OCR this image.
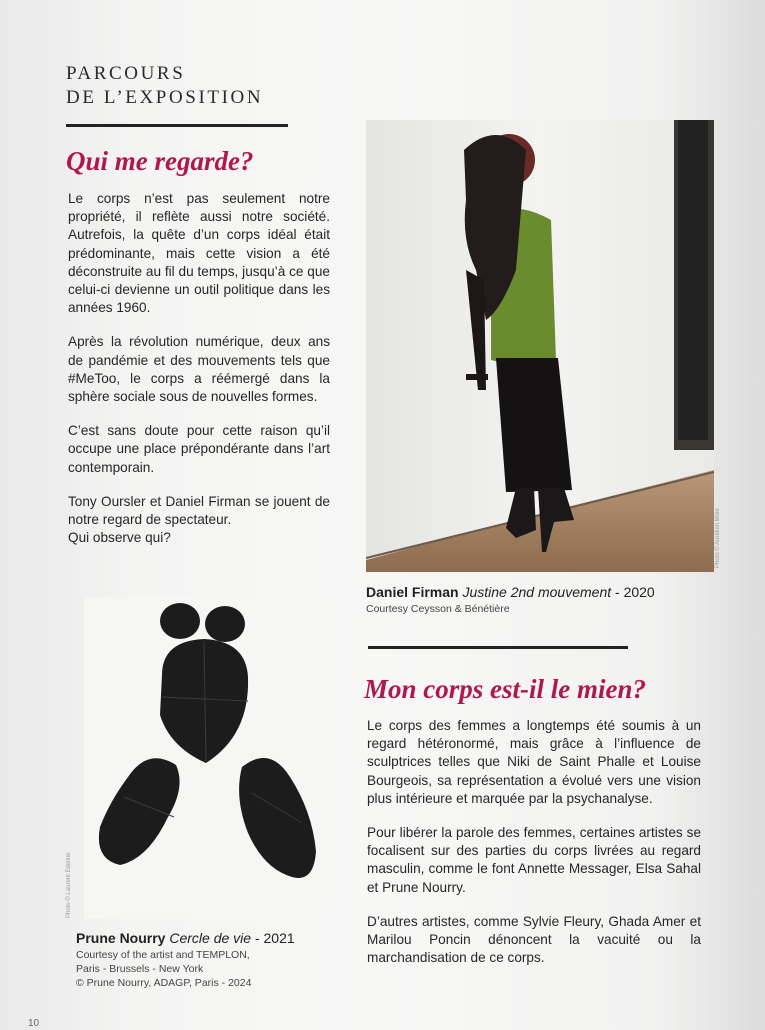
PARCOURS
DE L’EXPOSITION
Qui me regarde?

Le corps n’est pas seulement notre propriété, il reflète aussi notre société. Autrefois, la quête d’un corps idéal était prédominante, mais cette vision a été déconstruite au fil du temps, jusqu’à ce que celui-ci devienne un outil politique dans les années 1960.

Après la révolution numérique, deux ans de pandémie et des mouvements tels que #MeToo, le corps a réémergé dans la sphère sociale sous de nouvelles formes.

C’est sans doute pour cette raison qu’il occupe une place prépondérante dans l’art contemporain.

Tony Oursler et Daniel Firman se jouent de notre regard de spectateur.
Qui observe qui?	Photo © Aurélien Mole
Daniel Firman Justine 2nd mouvement - 2020
Courtesy Ceysson & Bénétière
Photo © Laurent Edeline
Prune Nourry Cercle de vie - 2021
Courtesy of the artist and TEMPLON,
Paris - Brussels - New York
© Prune Nourry, ADAGP, Paris - 2024
Mon corps est-il le mien?

Le corps des femmes a longtemps été soumis à un regard hétéronormé, mais grâce à l’influence de sculptrices telles que Niki de Saint Phalle et Louise Bourgeois, sa représentation a évolué vers une vision plus intérieure et marquée par la psychanalyse.

Pour libérer la parole des femmes, certaines artistes se focalisent sur des parties du corps livrées au regard masculin, comme le font Annette Messager, Elsa Sahal et Prune Nourry.

D’autres artistes, comme Sylvie Fleury, Ghada Amer et Marilou Poncin dénoncent la vacuité ou la marchandisation de ce corps.

10
